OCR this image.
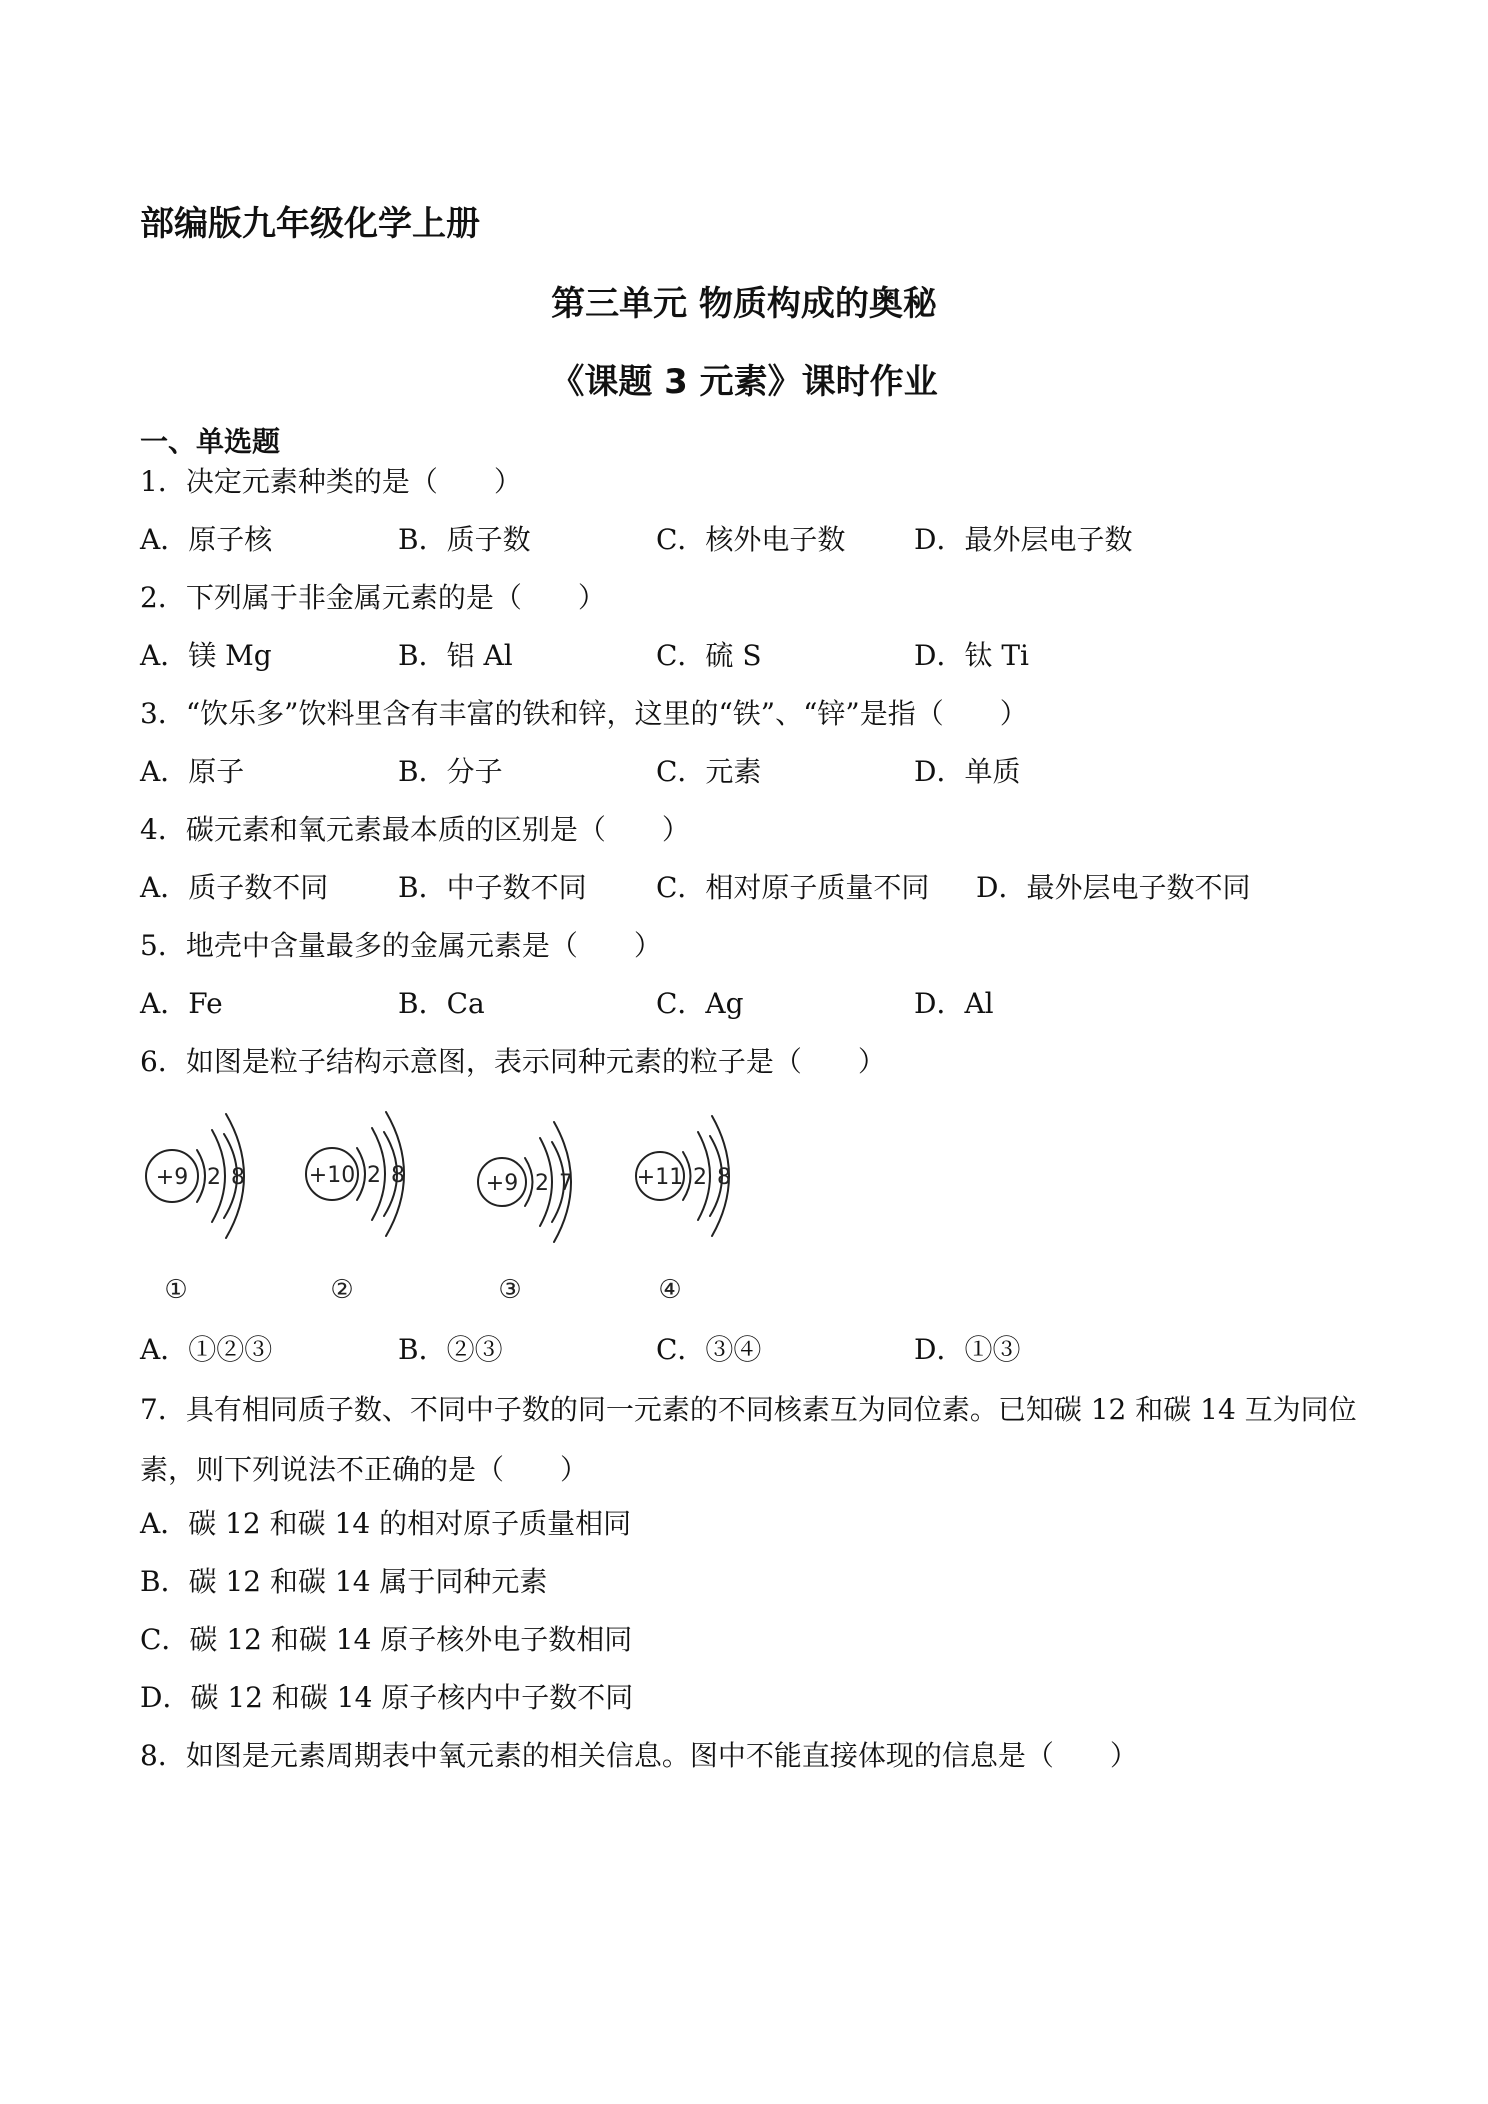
部编版九年级化学上册
第三单元 物质构成的奥秘
《课题 3 元素》课时作业
一、单选题
1．决定元素种类的是（　　）
A．原子核	B．质子数	C．核外电子数 D．最外层电子数
2．下列属于非金属元素的是（　　）
A．镁 Mg	B．铝 Al	C．硫 S	D．钛 Ti
3．“饮乐多”饮料里含有丰富的铁和锌，这里的“铁”、“锌”是指（　　）
A．原子	B．分子	C．元素	D．单质
4．碳元素和氧元素最本质的区别是（　　）
A．质子数不同 B．中子数不同 C．相对原子质量不同 D．最外层电子数不同
5．地壳中含量最多的金属元素是（　　）
A．Fe	B．Ca	C．Ag	D．Al
6．如图是粒子结构示意图，表示同种元素的粒子是（　　）
+9 2 8	+10 2 8	+9 2 7	+11 2 8
①	②	③	④
A．①②③	B．②③	C．③④	D．①③
7．具有相同质子数、不同中子数的同一元素的不同核素互为同位素。已知碳 12 和碳 14 互为同位素，则下列说法不正确的是（　　）
A．碳 12 和碳 14 的相对原子质量相同
B．碳 12 和碳 14 属于同种元素
C．碳 12 和碳 14 原子核外电子数相同
D．碳 12 和碳 14 原子核内中子数不同
8．如图是元素周期表中氧元素的相关信息。图中不能直接体现的信息是（　　）
